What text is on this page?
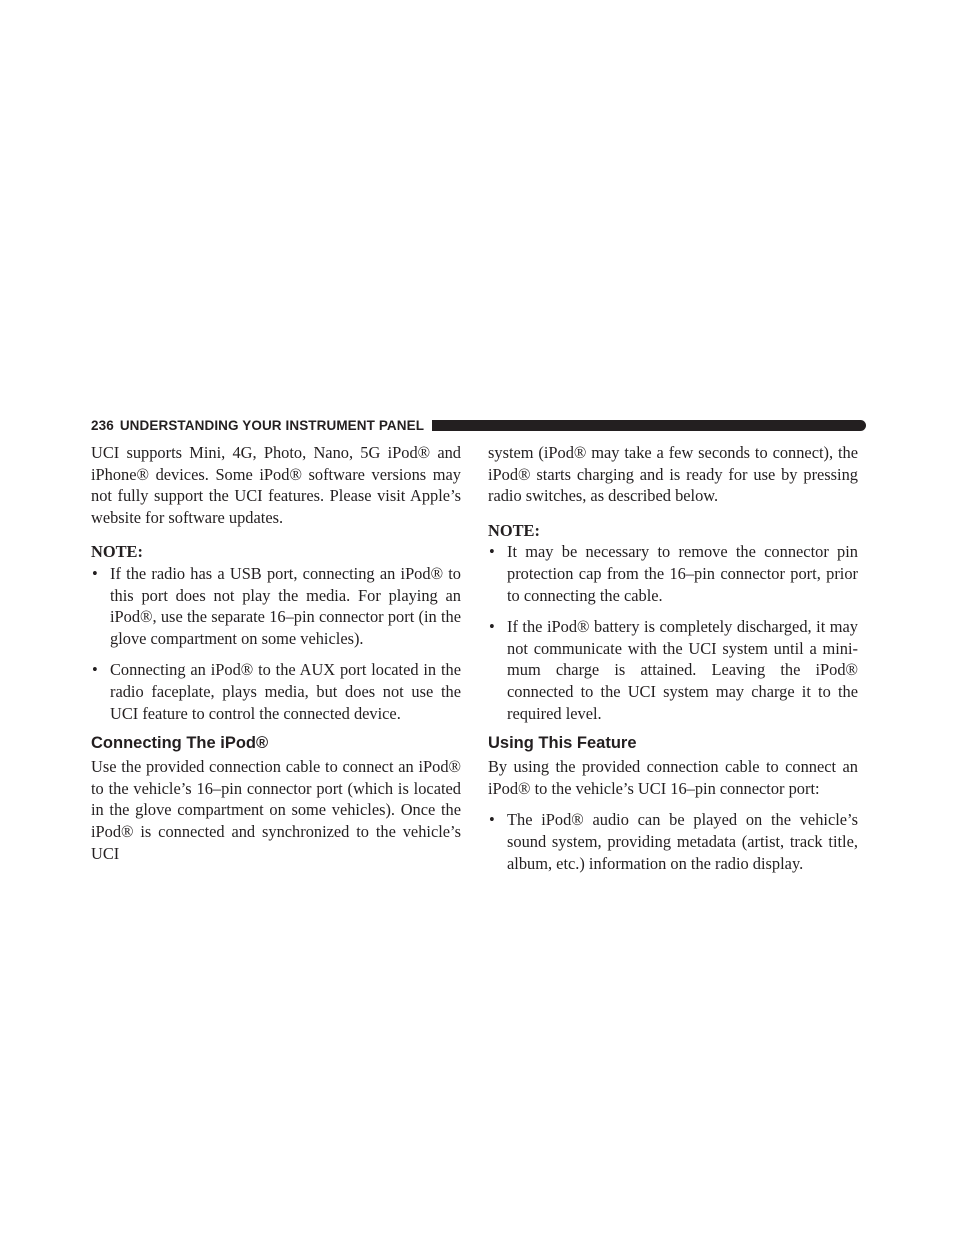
236 UNDERSTANDING YOUR INSTRUMENT PANEL

UCI supports Mini, 4G, Photo, Nano, 5G iPod® and iPhone® devices. Some iPod® software versions may not fully support the UCI features. Please visit Apple’s website for software updates.

NOTE:

• If the radio has a USB port, connecting an iPod® to this port does not play the media. For playing an iPod®, use the separate 16–pin connector port (in the glove compartment on some vehicles).
• Connecting an iPod® to the AUX port located in the radio faceplate, plays media, but does not use the UCI feature to control the connected device.
Connecting The iPod®

Use the provided connection cable to connect an iPod® to the vehicle’s 16–pin connector port (which is located in the glove compartment on some vehicles). Once the iPod® is connected and synchronized to the vehicle’s UCI

system (iPod® may take a few seconds to connect), the iPod® starts charging and is ready for use by pressing radio switches, as described below.

NOTE:

• It may be necessary to remove the connector pin protection cap from the 16–pin connector port, prior to connecting the cable.
• If the iPod® battery is completely discharged, it may not communicate with the UCI system until a mini-mum charge is attained. Leaving the iPod® connected to the UCI system may charge it to the required level.
Using This Feature

By using the provided connection cable to connect an iPod® to the vehicle’s UCI 16–pin connector port:

• The iPod® audio can be played on the vehicle’s sound system, providing metadata (artist, track title, album, etc.) information on the radio display.
